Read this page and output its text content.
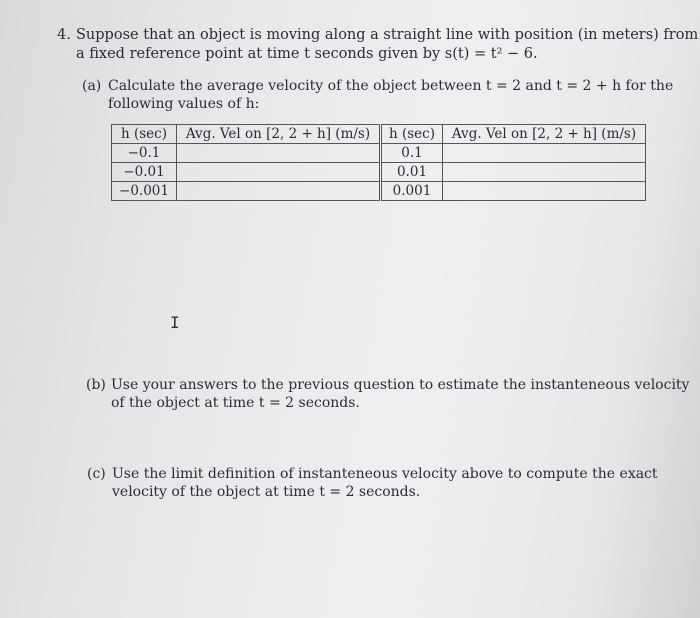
4. Suppose that an object is moving along a straight line with position (in meters) from
a fixed reference point at time t seconds given by s(t) = t² − 6.
(a) Calculate the average velocity of the object between t = 2 and t = 2 + h for the
following values of h:
h (sec)	Avg. Vel on [2, 2 + h] (m/s)	h (sec)	Avg. Vel on [2, 2 + h] (m/s)
−0.1		0.1	
−0.01		0.01	
−0.001		0.001	
I
(b) Use your answers to the previous question to estimate the instanteneous velocity
of the object at time t = 2 seconds.
(c) Use the limit definition of instanteneous velocity above to compute the exact
velocity of the object at time t = 2 seconds.
